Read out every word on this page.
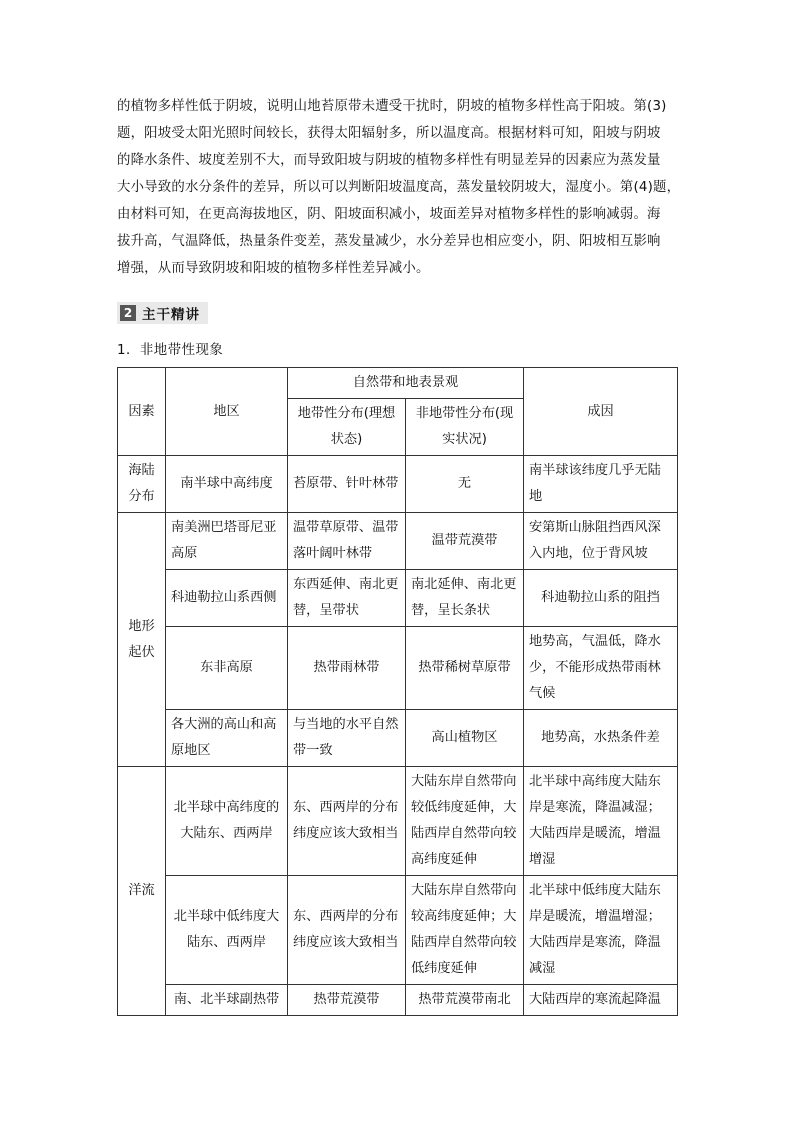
的植物多样性低于阴坡，说明山地苔原带未遭受干扰时，阴坡的植物多样性高于阳坡。第(3)
题，阳坡受太阳光照时间较长，获得太阳辐射多，所以温度高。根据材料可知，阳坡与阴坡
的降水条件、坡度差别不大，而导致阳坡与阴坡的植物多样性有明显差异的因素应为蒸发量
大小导致的水分条件的差异，所以可以判断阳坡温度高，蒸发量较阴坡大，湿度小。第(4)题，
由材料可知，在更高海拔地区，阴、阳坡面积减小，坡面差异对植物多样性的影响减弱。海
拔升高，气温降低，热量条件变差，蒸发量减少，水分差异也相应变小，阴、阳坡相互影响
增强，从而导致阴坡和阳坡的植物多样性差异减小。
2 主干精讲
1．非地带性现象
因素	地区	自然带和地表景观		成因
		地带性分布(理想状态)	非地带性分布(现实状况)	
海陆分布	南半球中高纬度	苔原带、针叶林带	无	南半球该纬度几乎无陆地
地形起伏	南美洲巴塔哥尼亚高原	温带草原带、温带落叶阔叶林带	温带荒漠带	安第斯山脉阻挡西风深入内地，位于背风坡
	科迪勒拉山系西侧	东西延伸、南北更替，呈带状	南北延伸、南北更替，呈长条状	科迪勒拉山系的阻挡
	东非高原	热带雨林带	热带稀树草原带	地势高，气温低，降水少，不能形成热带雨林气候
	各大洲的高山和高原地区	与当地的水平自然带一致	高山植物区	地势高，水热条件差
洋流	北半球中高纬度的大陆东、西两岸	东、西两岸的分布纬度应该大致相当	大陆东岸自然带向较低纬度延伸，大陆西岸自然带向较高纬度延伸	北半球中高纬度大陆东岸是寒流，降温减湿；大陆西岸是暖流，增温增湿
	北半球中低纬度大陆东、西两岸	东、西两岸的分布纬度应该大致相当	大陆东岸自然带向较高纬度延伸；大陆西岸自然带向较低纬度延伸	北半球中低纬度大陆东岸是暖流，增温增湿；大陆西岸是寒流，降温减湿
	南、北半球副热带	热带荒漠带	热带荒漠带南北	大陆西岸的寒流起降温
